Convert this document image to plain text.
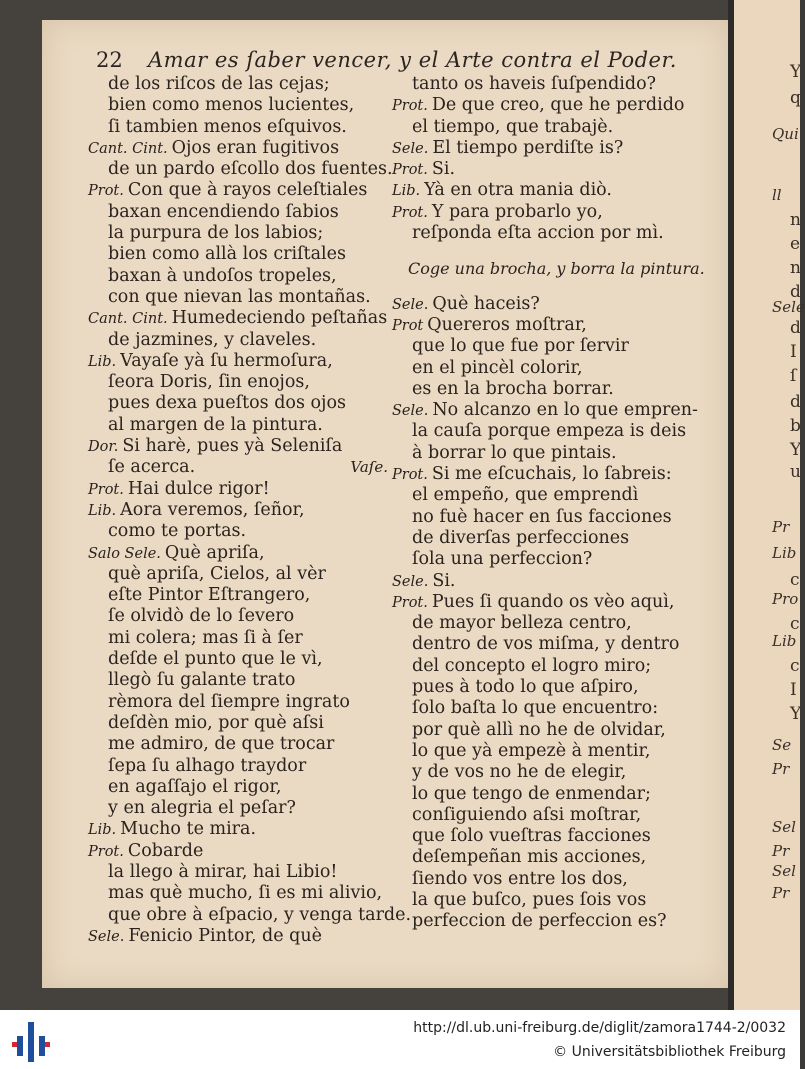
Y
q
Qui
ll
n
e
n
d
Sele
d
I
ſ
d
b
Y
u
Pr
Lib
c
Pro
c
Lib
c
I
Y
Se
Pr
Sel
Pr
Sel
Pr
22 Amar es ſaber vencer, y el Arte contra el Poder.
de los riſcos de las cejas;
bien como menos lucientes,
ſi tambien menos eſquivos.
Cant. Cint. Ojos eran fugitivos
de un pardo eſcollo dos fuentes.
Prot. Con que à rayos celeſtiales
baxan encendiendo ſabios
la purpura de los labios;
bien como allà los criſtales
baxan à undoſos tropeles,
con que nievan las montañas.
Cant. Cint. Humedeciendo peſtañas
de jazmines, y claveles.
Lib. Vayaſe yà ſu hermoſura,
ſeora Doris, ſin enojos,
pues dexa pueſtos dos ojos
al margen de la pintura.
Dor. Si harè, pues yà Seleniſa
ſe acerca.	Vaſe.
Prot. Hai dulce rigor!
Lib. Aora veremos, ſeñor,
como te portas.
Salo Sele. Què apriſa,
què apriſa, Cielos, al vèr
eſte Pintor Eſtrangero,
ſe olvidò de lo ſevero
mi colera; mas ſi à ſer
deſde el punto que le vì,
llegò ſu galante trato
rèmora del ſiempre ingrato
deſdèn mio, por què aſsi
me admiro, de que trocar
ſepa ſu alhago traydor
en agaſſajo el rigor,
y en alegria el peſar?
Lib. Mucho te mira.
Prot. Cobarde
la llego à mirar, hai Libio!
mas què mucho, ſi es mi alivio,
que obre à eſpacio, y venga tarde.
Sele. Fenicio Pintor, de què
tanto os haveis ſuſpendido?
Prot. De que creo, que he perdido
el tiempo, que trabajè.
Sele. El tiempo perdiſte is?
Prot. Si.
Lib. Yà en otra mania diò.
Prot. Y para probarlo yo,
reſponda eſta accion por mì.
Coge una brocha, y borra la pintura.
Sele. Què haceis?
Prot Quereros moſtrar,
que lo que fue por ſervir
en el pincèl colorir,
es en la brocha borrar.
Sele. No alcanzo en lo que empren-
la cauſa porque empeza is deis
à borrar lo que pintais.
Prot. Si me eſcuchais, lo ſabreis:
el empeño, que emprendì
no fuè hacer en ſus facciones
de diverſas perfecciones
ſola una perfeccion?
Sele. Si.
Prot. Pues ſi quando os vèo aquì,
de mayor belleza centro,
dentro de vos miſma, y dentro
del concepto el logro miro;
pues à todo lo que aſpiro,
ſolo baſta lo que encuentro:
por què allì no he de olvidar,
lo que yà empezè à mentir,
y de vos no he de elegir,
lo que tengo de enmendar;
conſiguiendo aſsi moſtrar,
que ſolo vueſtras facciones
deſempeñan mis acciones,
ſiendo vos entre los dos,
la que buſco, pues ſois vos
perfeccion de perfeccion es?
http://dl.ub.uni-freiburg.de/diglit/zamora1744-2/0032
© Universitätsbibliothek Freiburg
